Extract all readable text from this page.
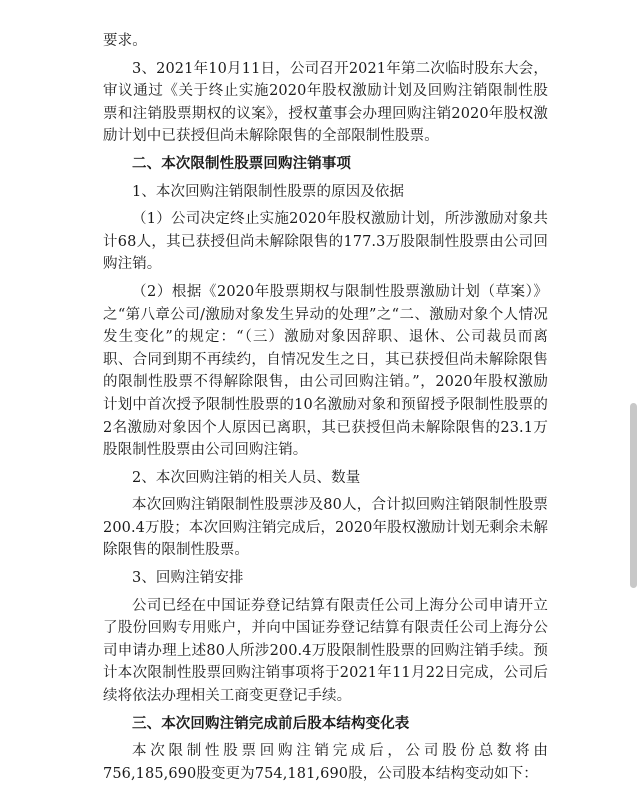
要求。

3、2021年10月11日，公司召开2021年第二次临时股东大会，审议通过《关于终止实施2020年股权激励计划及回购注销限制性股票和注销股票期权的议案》，授权董事会办理回购注销2020年股权激励计划中已获授但尚未解除限售的全部限制性股票。

二、本次限制性股票回购注销事项

1、本次回购注销限制性股票的原因及依据

（1）公司决定终止实施2020年股权激励计划，所涉激励对象共计68人，其已获授但尚未解除限售的177.3万股限制性股票由公司回购注销。

（2）根据《2020年股票期权与限制性股票激励计划（草案）》之“第八章公司/激励对象发生异动的处理”之“二、激励对象个人情况发生变化”的规定：“（三）激励对象因辞职、退休、公司裁员而离职、合同到期不再续约，自情况发生之日，其已获授但尚未解除限售的限制性股票不得解除限售，由公司回购注销。”，2020年股权激励计划中首次授予限制性股票的10名激励对象和预留授予限制性股票的2名激励对象因个人原因已离职，其已获授但尚未解除限售的23.1万股限制性股票由公司回购注销。

2、本次回购注销的相关人员、数量

本次回购注销限制性股票涉及80人，合计拟回购注销限制性股票200.4万股；本次回购注销完成后，2020年股权激励计划无剩余未解除限售的限制性股票。

3、回购注销安排

公司已经在中国证券登记结算有限责任公司上海分公司申请开立了股份回购专用账户，并向中国证券登记结算有限责任公司上海分公司申请办理上述80人所涉200.4万股限制性股票的回购注销手续。预计本次限制性股票回购注销事项将于2021年11月22日完成，公司后续将依法办理相关工商变更登记手续。

三、本次回购注销完成前后股本结构变化表

本次限制性股票回购注销完成后，公司股份总数将由756,185,690股变更为754,181,690股，公司股本结构变动如下：
